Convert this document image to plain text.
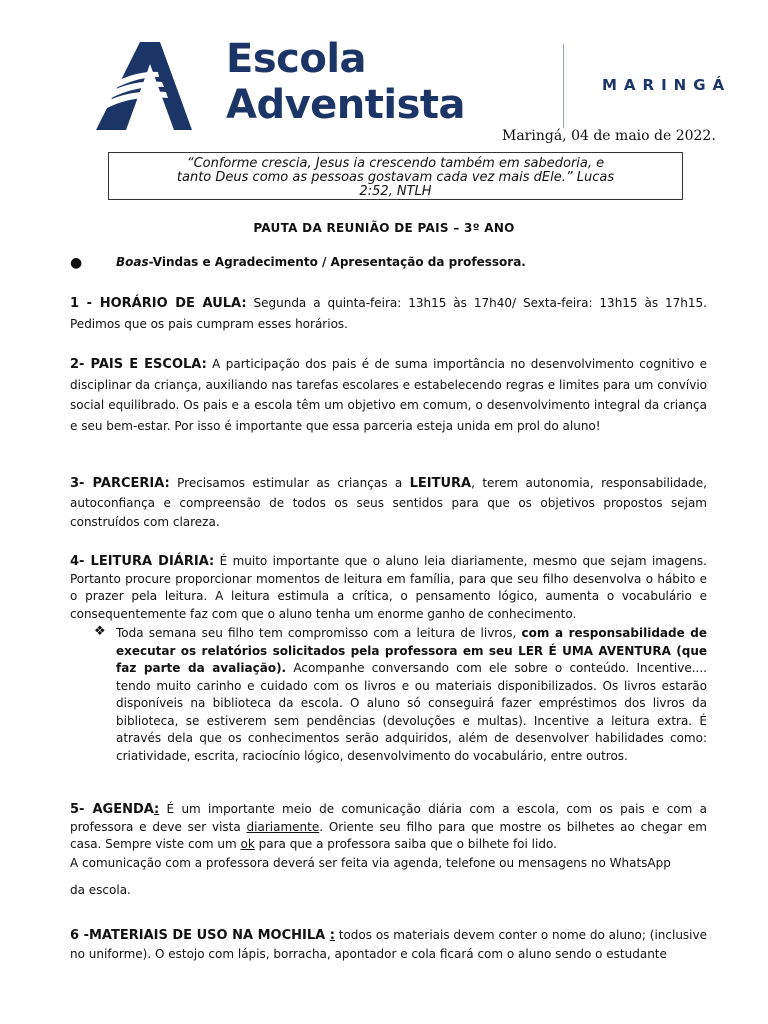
Escola
Adventista	MARINGÁ
Maringá, 04 de maio de 2022.
“Conforme crescia, Jesus ia crescendo também em sabedoria, e
tanto Deus como as pessoas gostavam cada vez mais dEle.” Lucas
2:52, NTLH
PAUTA DA REUNIÃO DE PAIS – 3º ANO
●	Boas-Vindas e Agradecimento / Apresentação da professora.
1 - HORÁRIO DE AULA: Segunda a quinta-feira: 13h15 às 17h40/ Sexta-feira: 13h15 às 17h15. Pedimos que os pais cumpram esses horários.
2- PAIS E ESCOLA: A participação dos pais é de suma importância no desenvolvimento cognitivo e disciplinar da criança, auxiliando nas tarefas escolares e estabelecendo regras e limites para um convívio social equilibrado. Os pais e a escola têm um objetivo em comum, o desenvolvimento integral da criança e seu bem-estar. Por isso é importante que essa parceria esteja unida em prol do aluno!
3- PARCERIA: Precisamos estimular as crianças a LEITURA, terem autonomia, responsabilidade, autoconfiança e compreensão de todos os seus sentidos para que os objetivos propostos sejam construídos com clareza.
4- LEITURA DIÁRIA: É muito importante que o aluno leia diariamente, mesmo que sejam imagens. Portanto procure proporcionar momentos de leitura em família, para que seu filho desenvolva o hábito e o prazer pela leitura. A leitura estimula a crítica, o pensamento lógico, aumenta o vocabulário e consequentemente faz com que o aluno tenha um enorme ganho de conhecimento.
❖ Toda semana seu filho tem compromisso com a leitura de livros, com a responsabilidade de executar os relatórios solicitados pela professora em seu LER É UMA AVENTURA (que faz parte da avaliação). Acompanhe conversando com ele sobre o conteúdo. Incentive.... tendo muito carinho e cuidado com os livros e ou materiais disponibilizados. Os livros estarão disponíveis na biblioteca da escola. O aluno só conseguirá fazer empréstimos dos livros da biblioteca, se estiverem sem pendências (devoluções e multas). Incentive a leitura extra. É através dela que os conhecimentos serão adquiridos, além de desenvolver habilidades como: criatividade, escrita, raciocínio lógico, desenvolvimento do vocabulário, entre outros.
5- AGENDA: É um importante meio de comunicação diária com a escola, com os pais e com a professora e deve ser vista diariamente. Oriente seu filho para que mostre os bilhetes ao chegar em casa. Sempre viste com um ok para que a professora saiba que o bilhete foi lido.
A comunicação com a professora deverá ser feita via agenda, telefone ou mensagens no WhatsApp
da escola.
6 -MATERIAIS DE USO NA MOCHILA : todos os materiais devem conter o nome do aluno; (inclusive no uniforme). O estojo com lápis, borracha, apontador e cola ficará com o aluno sendo o estudante
